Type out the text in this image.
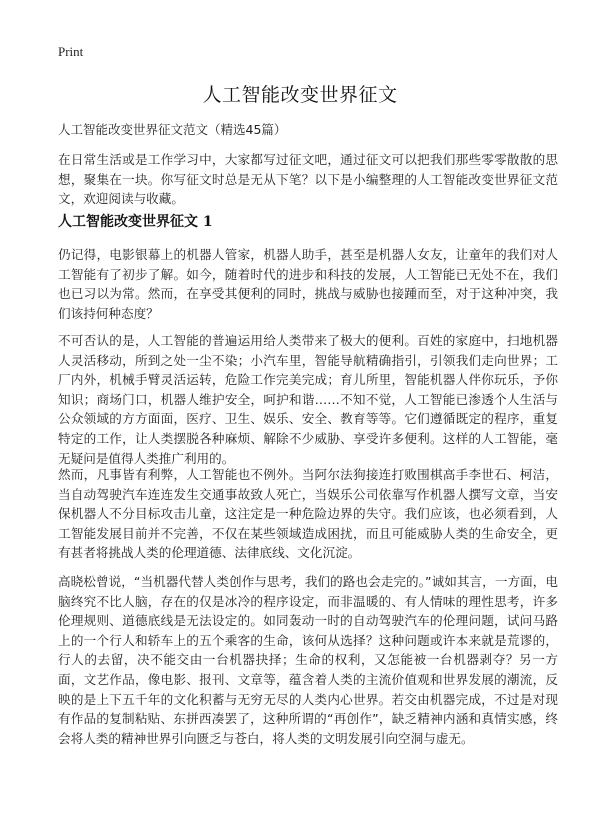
Print
人工智能改变世界征文

人工智能改变世界征文范文（精选45篇）

在日常生活或是工作学习中，大家都写过征文吧，通过征文可以把我们那些零零散散的思想，聚集在一块。你写征文时总是无从下笔？以下是小编整理的人工智能改变世界征文范文，欢迎阅读与收藏。

人工智能改变世界征文 1

仍记得，电影银幕上的机器人管家，机器人助手，甚至是机器人女友，让童年的我们对人工智能有了初步了解。如今，随着时代的进步和科技的发展，人工智能已无处不在，我们也已习以为常。然而，在享受其便利的同时，挑战与威胁也接踵而至，对于这种冲突，我们该持何种态度？

不可否认的是，人工智能的普遍运用给人类带来了极大的便利。百姓的家庭中，扫地机器人灵活移动，所到之处一尘不染；小汽车里，智能导航精确指引，引领我们走向世界；工厂内外，机械手臂灵活运转，危险工作完美完成；育儿所里，智能机器人伴你玩乐，予你知识；商场门口，机器人维护安全，呵护和谐……不知不觉，人工智能已渗透个人生活与公众领域的方方面面，医疗、卫生、娱乐、安全、教育等等。它们遵循既定的程序，重复特定的工作，让人类摆脱各种麻烦、解除不少威胁、享受许多便利。这样的人工智能，毫无疑问是值得人类推广利用的。

然而，凡事皆有利弊，人工智能也不例外。当阿尔法狗接连打败围棋高手李世石、柯洁，当自动驾驶汽车连连发生交通事故致人死亡，当娱乐公司依靠写作机器人撰写文章，当安保机器人不分目标攻击儿童，这注定是一种危险边界的失守。我们应该，也必须看到，人工智能发展目前并不完善，不仅在某些领域造成困扰，而且可能威胁人类的生命安全，更有甚者将挑战人类的伦理道德、法律底线、文化沉淀。

高晓松曾说，“当机器代替人类创作与思考，我们的路也会走完的。”诚如其言，一方面，电脑终究不比人脑，存在的仅是冰冷的程序设定，而非温暖的、有人情味的理性思考，许多伦理规则、道德底线是无法设定的。如同轰动一时的自动驾驶汽车的伦理问题，试问马路上的一个行人和轿车上的五个乘客的生命，该何从选择？这种问题或许本来就是荒谬的，行人的去留，决不能交由一台机器抉择；生命的权利，又怎能被一台机器剥夺？另一方面，文艺作品，像电影、报刊、文章等，蕴含着人类的主流价值观和世界发展的潮流，反映的是上下五千年的文化积蓄与无穷无尽的人类内心世界。若交由机器完成，不过是对现有作品的复制粘贴、东拼西凑罢了，这种所谓的“再创作”，缺乏精神内涵和真情实感，终会将人类的精神世界引向匮乏与苍白，将人类的文明发展引向空洞与虚无。
